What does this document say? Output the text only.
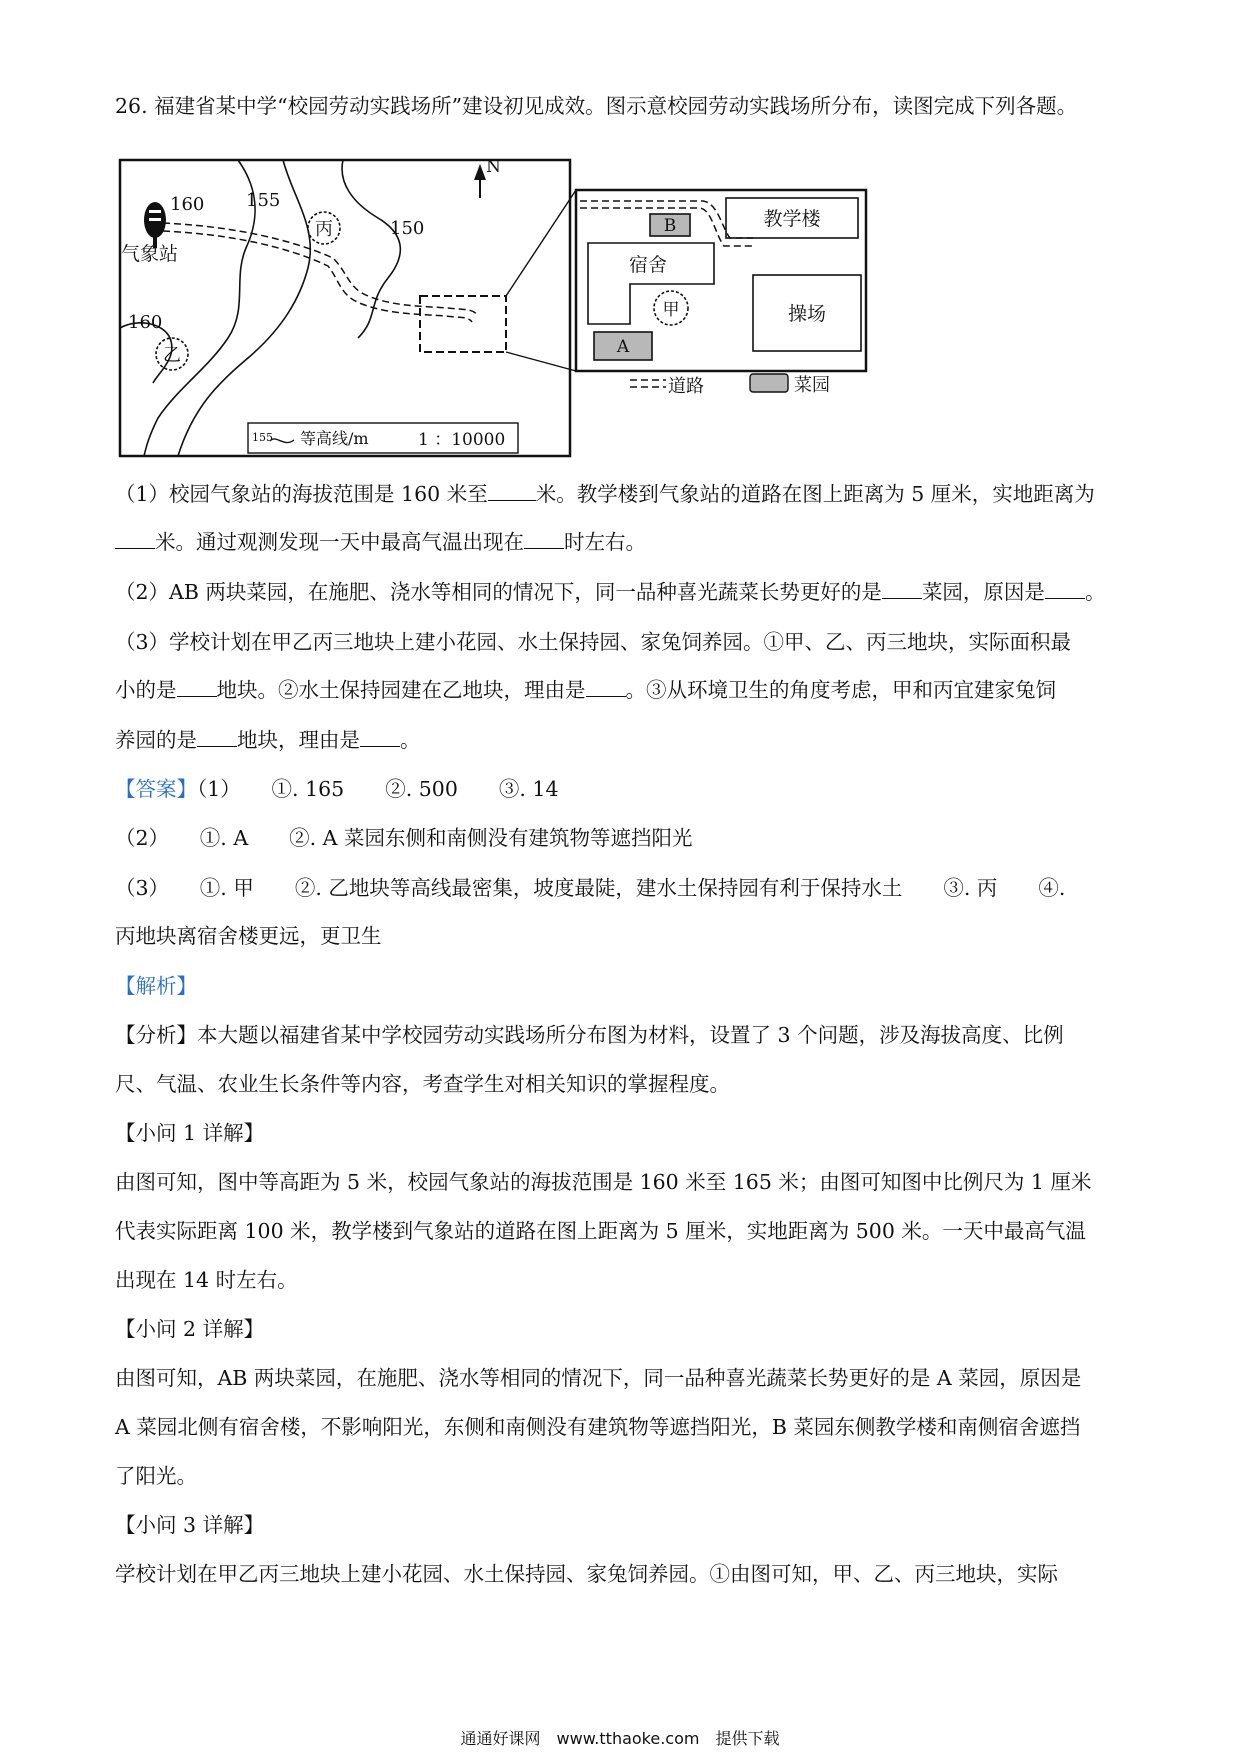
26. 福建省某中学“校园劳动实践场所”建设初见成效。图示意校园劳动实践场所分布，读图完成下列各题。
气象站
160 155
150
160
丙
乙
N
155 等高线/m	1 ：10000
B	教学楼
宿舍
甲	操场
A
道路	菜园
（1）校园气象站的海拔范围是 160 米至 米。教学楼到气象站的道路在图上距离为 5 厘米，实地距离为
米。通过观测发现一天中最高气温出现在 时左右。
（2）AB 两块菜园，在施肥、浇水等相同的情况下，同一品种喜光蔬菜长势更好的是 菜园，原因是 。
（3）学校计划在甲乙丙三地块上建小花园、水土保持园、家兔饲养园。①甲、乙、丙三地块，实际面积最
小的是 地块。②水土保持园建在乙地块，理由是 。③从环境卫生的角度考虑，甲和丙宜建家兔饲
养园的是 地块，理由是 。
【答案】（1）　　①. 165　　②. 500　　③. 14
（2）　　①. A　　②. A 菜园东侧和南侧没有建筑物等遮挡阳光
（3）　　①. 甲　　②. 乙地块等高线最密集，坡度最陡，建水土保持园有利于保持水土　　③. 丙　　④.
丙地块离宿舍楼更远，更卫生
【解析】
【分析】本大题以福建省某中学校园劳动实践场所分布图为材料，设置了 3 个问题，涉及海拔高度、比例
尺、气温、农业生长条件等内容，考查学生对相关知识的掌握程度。
【小问 1 详解】
由图可知，图中等高距为 5 米，校园气象站的海拔范围是 160 米至 165 米；由图可知图中比例尺为 1 厘米
代表实际距离 100 米，教学楼到气象站的道路在图上距离为 5 厘米，实地距离为 500 米。一天中最高气温
出现在 14 时左右。
【小问 2 详解】
由图可知，AB 两块菜园，在施肥、浇水等相同的情况下，同一品种喜光蔬菜长势更好的是 A 菜园，原因是
A 菜园北侧有宿舍楼，不影响阳光，东侧和南侧没有建筑物等遮挡阳光，B 菜园东侧教学楼和南侧宿舍遮挡
了阳光。
【小问 3 详解】
学校计划在甲乙丙三地块上建小花园、水土保持园、家兔饲养园。①由图可知，甲、乙、丙三地块，实际
通通好课网　www.tthaoke.com　提供下载
